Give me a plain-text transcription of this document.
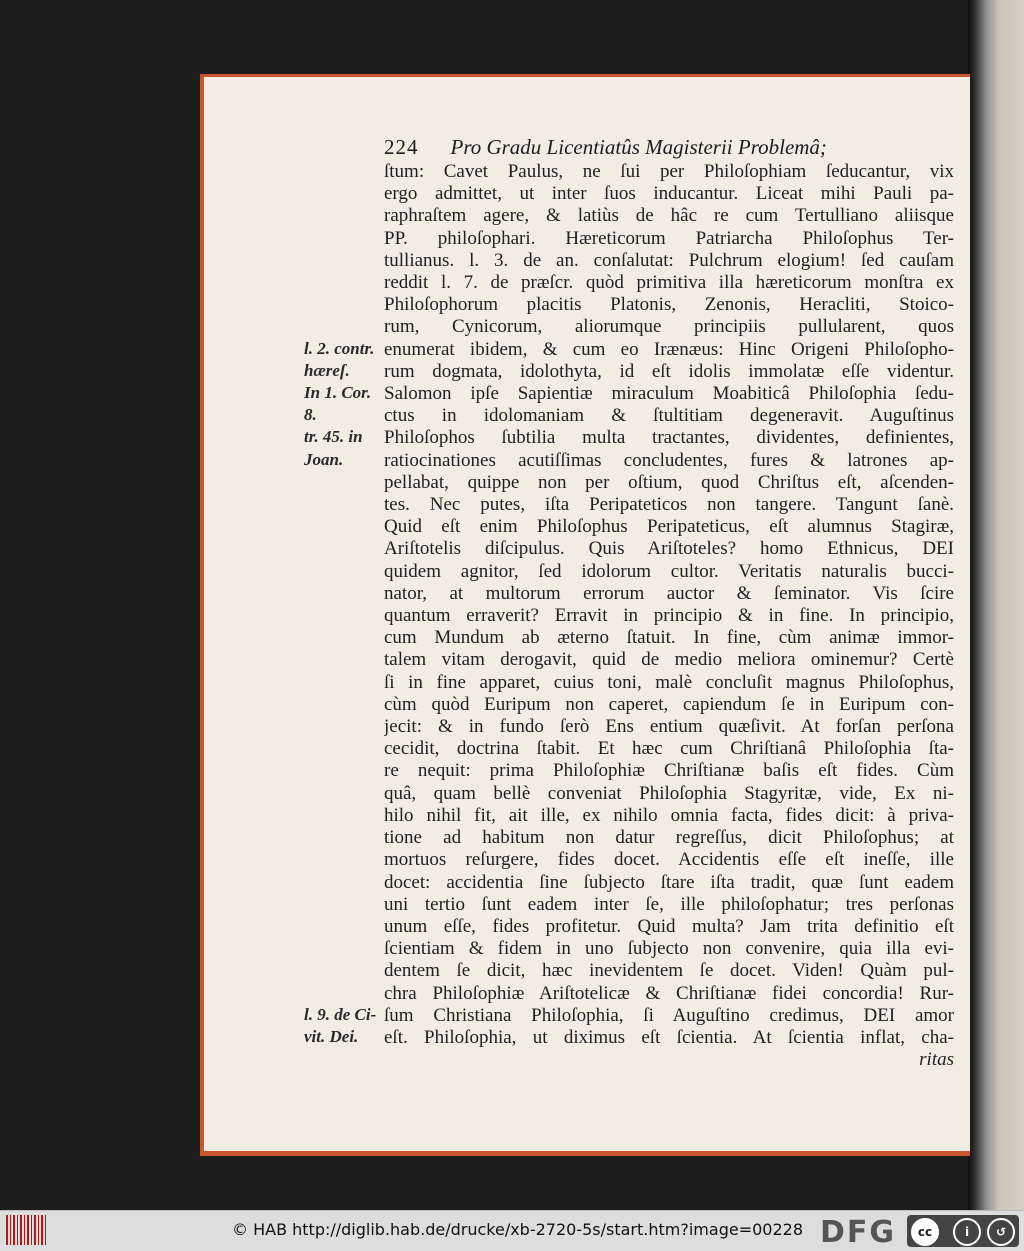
224 Pro Gradu Licentiatûs Magisterii Problemâ;
ſtum: Cavet Paulus, ne ſui per Philoſophiam ſeducantur, vix
ergo admittet, ut inter ſuos inducantur. Liceat mihi Pauli pa-
raphraſtem agere, & latiùs de hâc re cum Tertulliano aliisque
PP. philoſophari. Hæreticorum Patriarcha Philoſophus Ter-
tullianus. l. 3. de an. conſalutat: Pulchrum elogium! ſed cauſam
reddit l. 7. de præſcr. quòd primitiva illa hæreticorum monſtra ex
Philoſophorum placitis Platonis, Zenonis, Heracliti, Stoico-
rum, Cynicorum, aliorumque principiis pullularent, quos
enumerat ibidem, & cum eo Irænæus: Hinc Origeni Philoſopho-
rum dogmata, idolothyta, id eſt idolis immolatæ eſſe videntur.
Salomon ipſe Sapientiæ miraculum Moabiticâ Philoſophia ſedu-
ctus in idolomaniam & ſtultitiam degeneravit. Auguſtinus
Philoſophos ſubtilia multa tractantes, dividentes, definientes,
ratiocinationes acutiſſimas concludentes, fures & latrones ap-
pellabat, quippe non per oſtium, quod Chriſtus eſt, aſcenden-
tes. Nec putes, iſta Peripateticos non tangere. Tangunt ſanè.
Quid eſt enim Philoſophus Peripateticus, eſt alumnus Stagiræ,
Ariſtotelis diſcipulus. Quis Ariſtoteles? homo Ethnicus, DEI
quidem agnitor, ſed idolorum cultor. Veritatis naturalis bucci-
nator, at multorum errorum auctor & ſeminator. Vis ſcire
quantum erraverit? Erravit in principio & in fine. In principio,
cum Mundum ab æterno ſtatuit. In fine, cùm animæ immor-
talem vitam derogavit, quid de medio meliora ominemur? Certè
ſi in fine apparet, cuius toni, malè concluſit magnus Philoſophus,
cùm quòd Euripum non caperet, capiendum ſe in Euripum con-
jecit: & in fundo ſerò Ens entium quæſivit. At forſan perſona
cecidit, doctrina ſtabit. Et hæc cum Chriſtianâ Philoſophia ſta-
re nequit: prima Philoſophiæ Chriſtianæ baſis eſt fides. Cùm
quâ, quam bellè conveniat Philoſophia Stagyritæ, vide, Ex ni-
hilo nihil fit, ait ille, ex nihilo omnia facta, fides dicit: à priva-
tione ad habitum non datur regreſſus, dicit Philoſophus; at
mortuos reſurgere, fides docet. Accidentis eſſe eſt ineſſe, ille
docet: accidentia ſine ſubjecto ſtare iſta tradit, quæ ſunt eadem
uni tertio ſunt eadem inter ſe, ille philoſophatur; tres perſonas
unum eſſe, fides profitetur. Quid multa? Jam trita definitio eſt
ſcientiam & fidem in uno ſubjecto non convenire, quia illa evi-
dentem ſe dicit, hæc inevidentem ſe docet. Viden! Quàm pul-
chra Philoſophiæ Ariſtotelicæ & Chriſtianæ fidei concordia! Rur-
ſum Christiana Philoſophia, ſi Auguſtino credimus, DEI amor
eſt. Philoſophia, ut diximus eſt ſcientia. At ſcientia inflat, cha-
ritas
l. 2. contr.
hæreſ.
In 1. Cor.
8.
tr. 45. in
Joan.
l. 9. de Ci-
vit. Dei.
© HAB http://diglib.hab.de/drucke/xb-2720-5s/start.htm?image=00228 DFG	cc	i	↺
